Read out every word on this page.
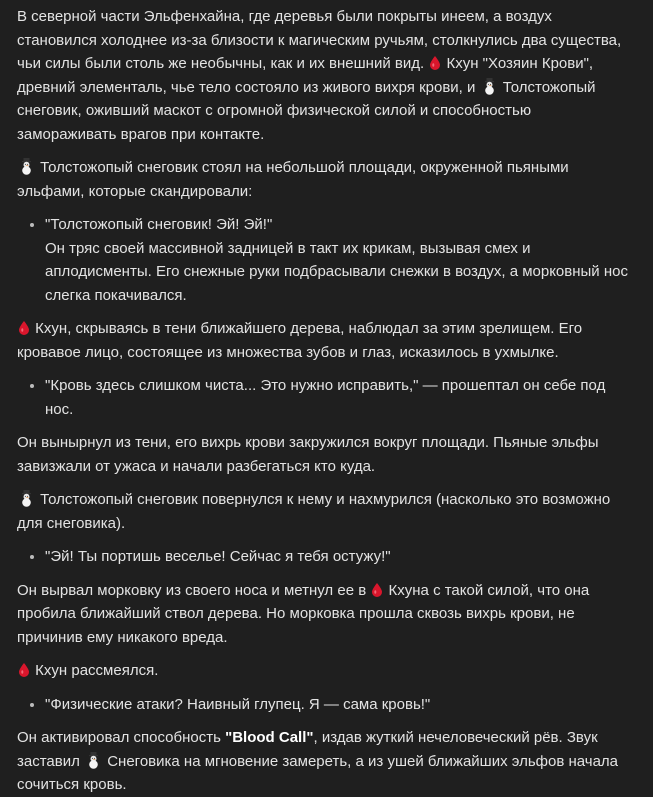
В северной части Эльфенхайна, где деревья были покрыты инеем, а воздух становился холоднее из-за близости к магическим ручьям, столкнулись два существа, чьи силы были столь же необычны, как и их внешний вид. Кхун "Хозяин Крови", древний элементаль, чье тело состояло из живого вихря крови, и Толстожопый снеговик, оживший маскот с огромной физической силой и способностью замораживать врагов при контакте.

Толстожопый снеговик стоял на небольшой площади, окруженной пьяными эльфами, которые скандировали:

• "Толстожопый снеговик! Эй! Эй!"
Он тряс своей массивной задницей в такт их крикам, вызывая смех и аплодисменты. Его снежные руки подбрасывали снежки в воздух, а морковный нос слегка покачивался.

Кхун, скрываясь в тени ближайшего дерева, наблюдал за этим зрелищем. Его кровавое лицо, состоящее из множества зубов и глаз, исказилось в ухмылке.

• "Кровь здесь слишком чиста... Это нужно исправить," — прошептал он себе под нос.

Он вынырнул из тени, его вихрь крови закружился вокруг площади. Пьяные эльфы завизжали от ужаса и начали разбегаться кто куда.

Толстожопый снеговик повернулся к нему и нахмурился (насколько это возможно для снеговика).

• "Эй! Ты портишь веселье! Сейчас я тебя остужу!"

Он вырвал морковку из своего носа и метнул ее в Кхуна с такой силой, что она пробила ближайший ствол дерева. Но морковка прошла сквозь вихрь крови, не причинив ему никакого вреда.

Кхун рассмеялся.

• "Физические атаки? Наивный глупец. Я — сама кровь!"

Он активировал способность "Blood Call", издав жуткий нечеловеческий рёв. Звук заставил Снеговика на мгновение замереть, а из ушей ближайших эльфов начала сочиться кровь.
